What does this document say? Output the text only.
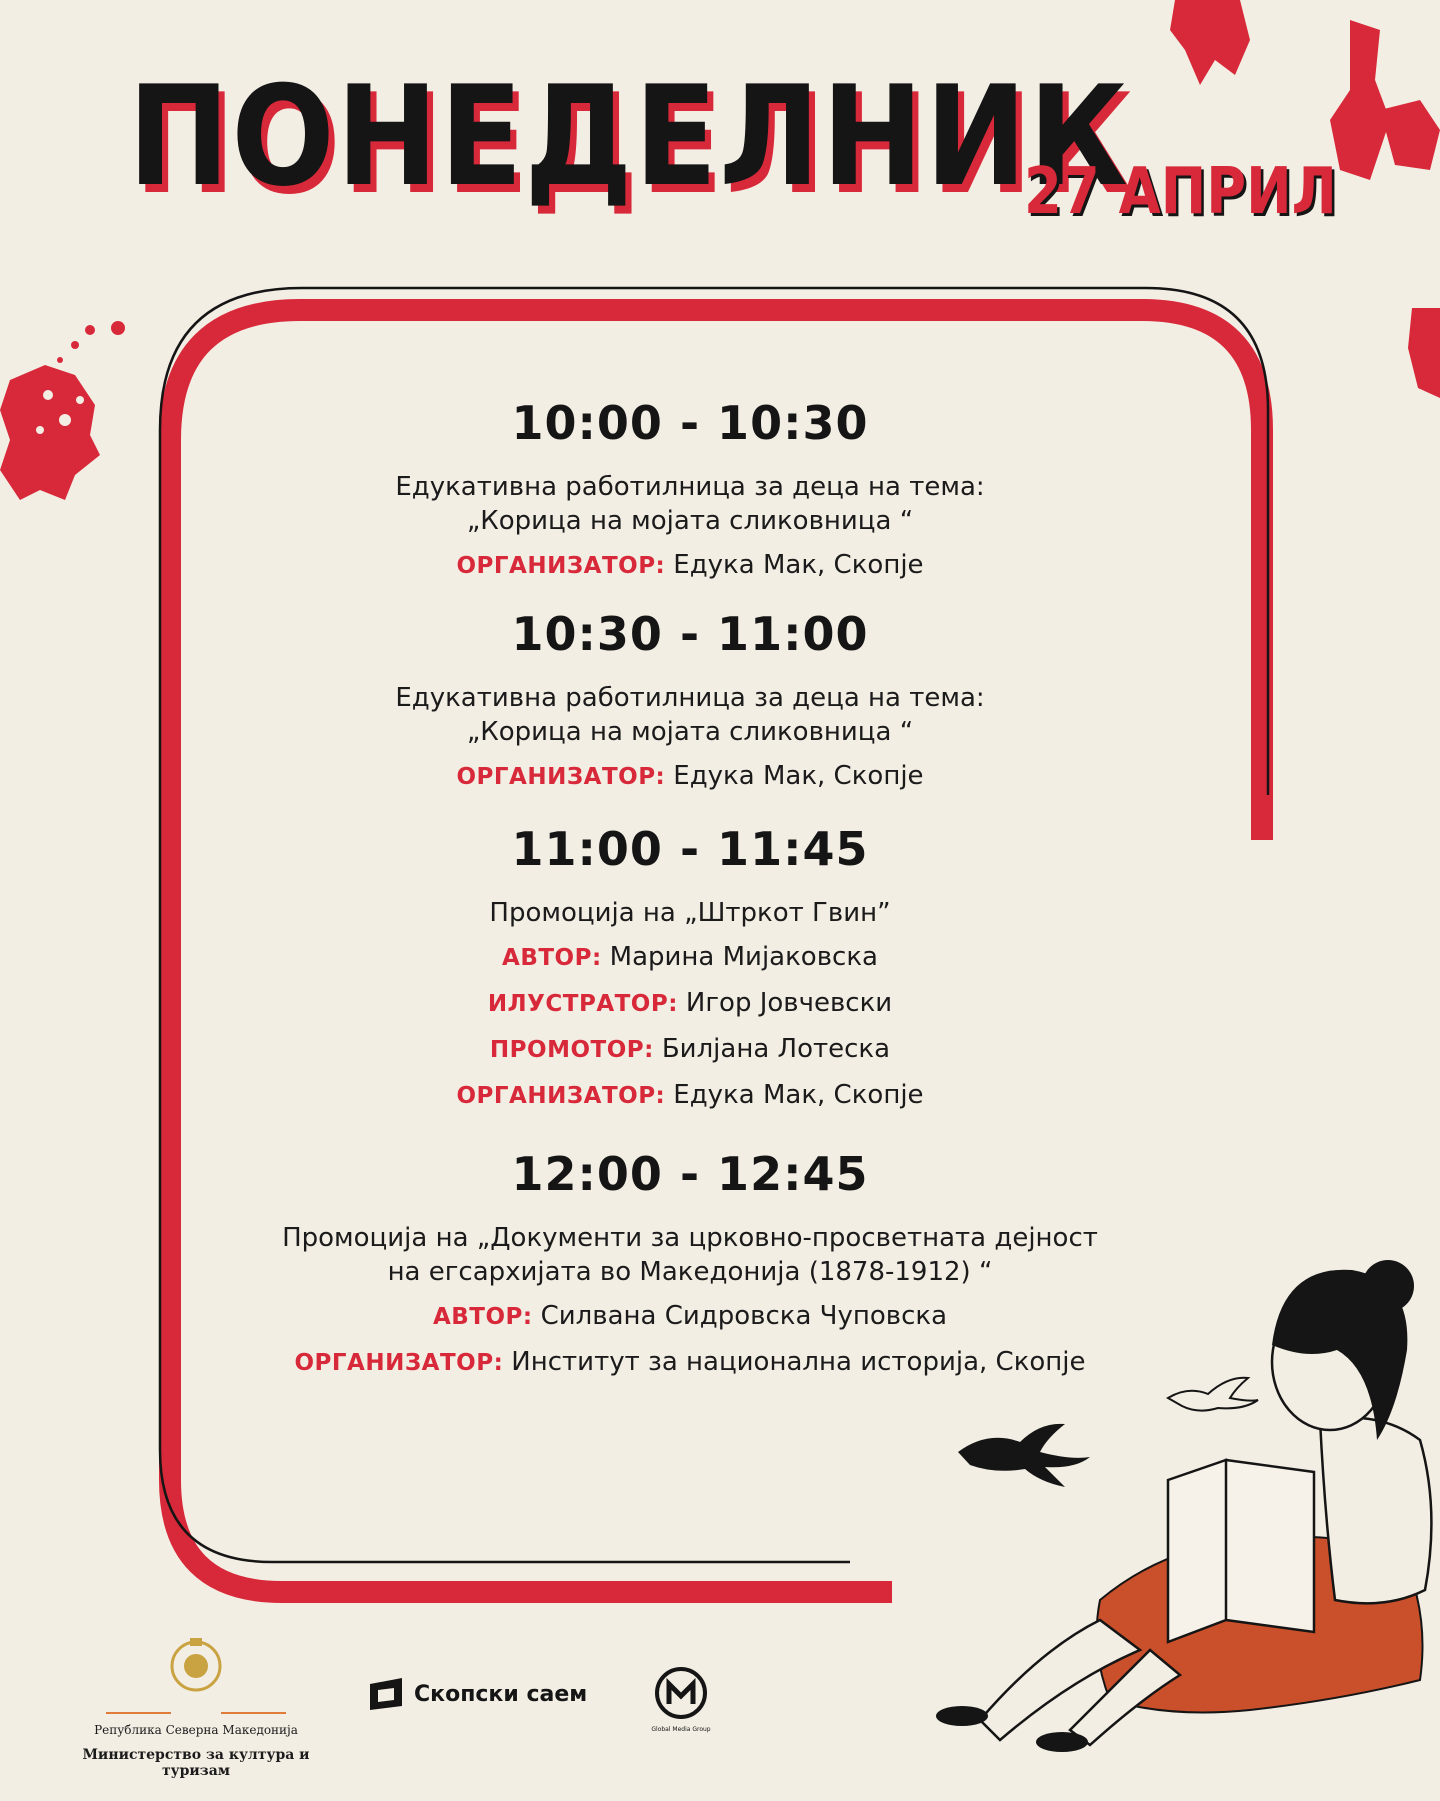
ПОНЕДЕЛНИК
27 АПРИЛ
10:00 - 10:30
Едукативна работилница за деца на тема:
„Корица на мојата сликовница “
ОРГАНИЗАТОР: Едука Мак, Скопје
10:30 - 11:00
Едукативна работилница за деца на тема:
„Корица на мојата сликовница “
ОРГАНИЗАТОР: Едука Мак, Скопје
11:00 - 11:45
Промоција на „Штркот Гвин”
АВТОР: Марина Мијаковска
ИЛУСТРАТОР: Игор Јовчевски
ПРОМОТОР: Билјана Лотеска
ОРГАНИЗАТОР: Едука Мак, Скопје
12:00 - 12:45
Промоција на „Документи за црковно-просветната дејност
на егсархијата во Македонија (1878-1912) “
АВТОР: Силвана Сидровска Чуповска
ОРГАНИЗАТОР: Институт за национална историја, Скопје

Република Северна Македонија
Министерство за култура и туризам
Скопски саем
Global Media Group
